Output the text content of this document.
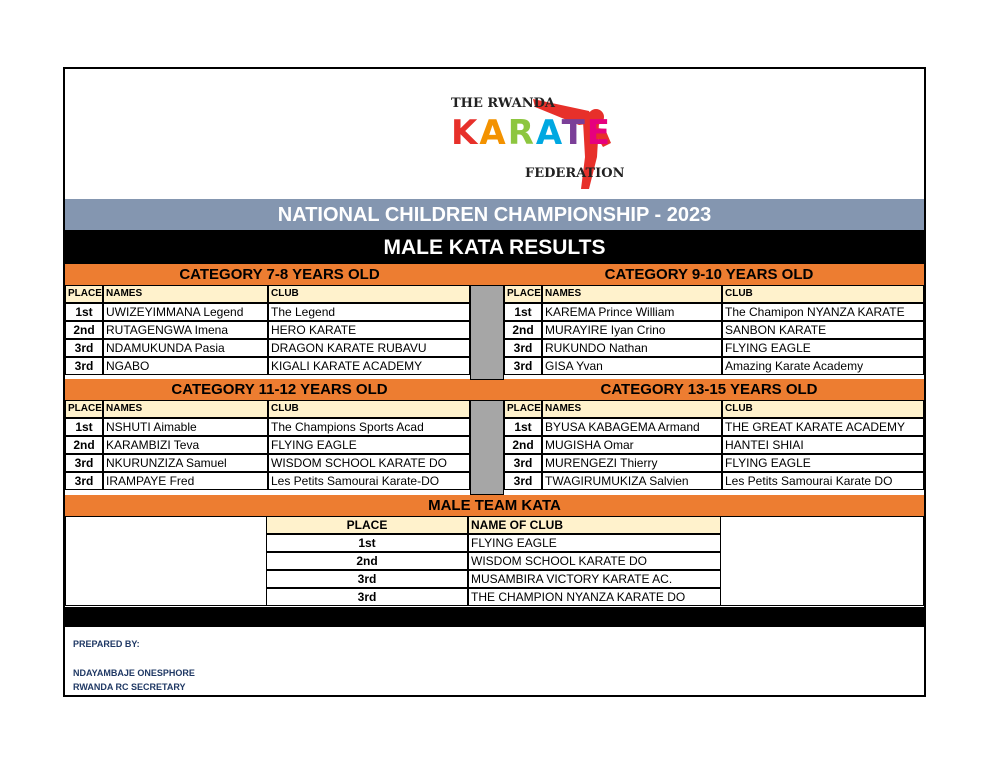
THE RWANDA
KARATE
FEDERATION
NATIONAL CHILDREN CHAMPIONSHIP - 2023
MALE KATA RESULTS
CATEGORY 7-8 YEARS OLD
PLACE NAMES	CLUB
1st	UWIZEYIMMANA Legend	The Legend
2nd RUTAGENGWA Imena	HERO KARATE
3rd	NDAMUKUNDA Pasia	DRAGON KARATE RUBAVU
3rd	NGABO	KIGALI KARATE ACADEMY
CATEGORY 9-10 YEARS OLD
PLACE NAMES	CLUB
1st	KAREMA Prince William	The Chamipon NYANZA KARATE
2nd MURAYIRE Iyan Crino	SANBON KARATE
3rd	RUKUNDO Nathan	FLYING EAGLE
3rd	GISA Yvan	Amazing Karate Academy
CATEGORY 11-12 YEARS OLD
PLACE NAMES	CLUB
1st	NSHUTI Aimable	The Champions Sports Acad
2nd KARAMBIZI Teva	FLYING EAGLE
3rd	NKURUNZIZA Samuel	WISDOM SCHOOL KARATE DO
3rd	IRAMPAYE Fred	Les Petits Samourai Karate-DO
CATEGORY 13-15 YEARS OLD
PLACE NAMES	CLUB
1st	BYUSA KABAGEMA Armand	THE GREAT KARATE ACADEMY
2nd MUGISHA Omar	HANTEI SHIAI
3rd	MURENGEZI Thierry	FLYING EAGLE
3rd	TWAGIRUMUKIZA Salvien	Les Petits Samourai Karate DO
MALE TEAM KATA
PLACE	NAME OF CLUB
1st	FLYING EAGLE
2nd	WISDOM SCHOOL KARATE DO
3rd	MUSAMBIRA VICTORY KARATE AC.
3rd	THE CHAMPION NYANZA KARATE DO
PREPARED BY:
NDAYAMBAJE ONESPHORE
RWANDA RC SECRETARY
